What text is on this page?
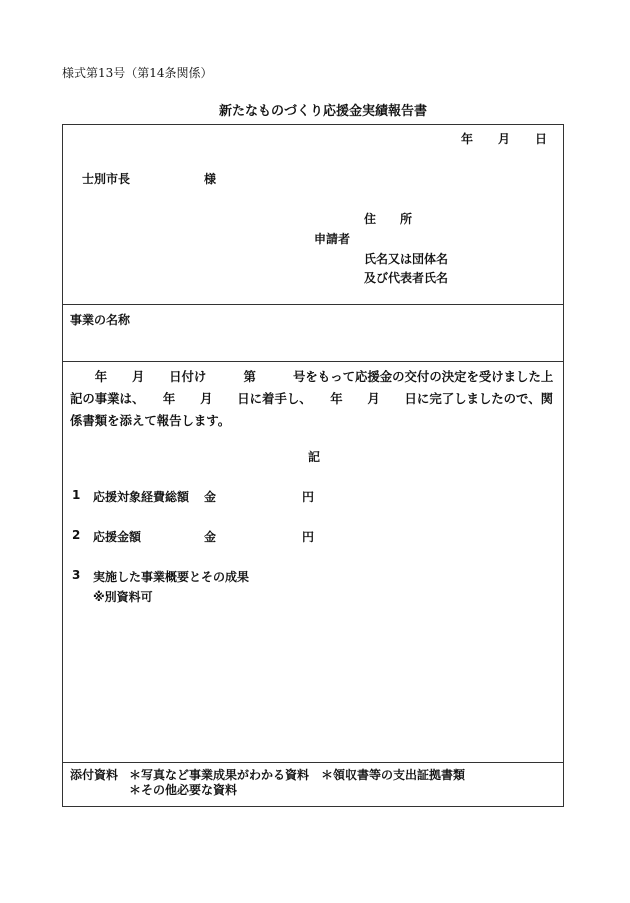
様式第13号（第14条関係）
新たなものづくり応援金実績報告書
年 月 日
士別市長	様
住　　所
申請者
氏名又は団体名
及び代表者氏名
事業の名称
　　年　　月　　日付け　　　第　　　号をもって応援金の交付の決定を受けました上
記の事業は、　　年　　月　　日に着手し、　　年　　月　　日に完了しましたので、関
係書類を添えて報告します。
記
1 応援対象経費総額 金	円
2 応援金額	金	円
3 実施した事業概要とその成果
※別資料可
添付資料 ＊写真など事業成果がわかる資料　＊領収書等の支出証拠書類
＊その他必要な資料
